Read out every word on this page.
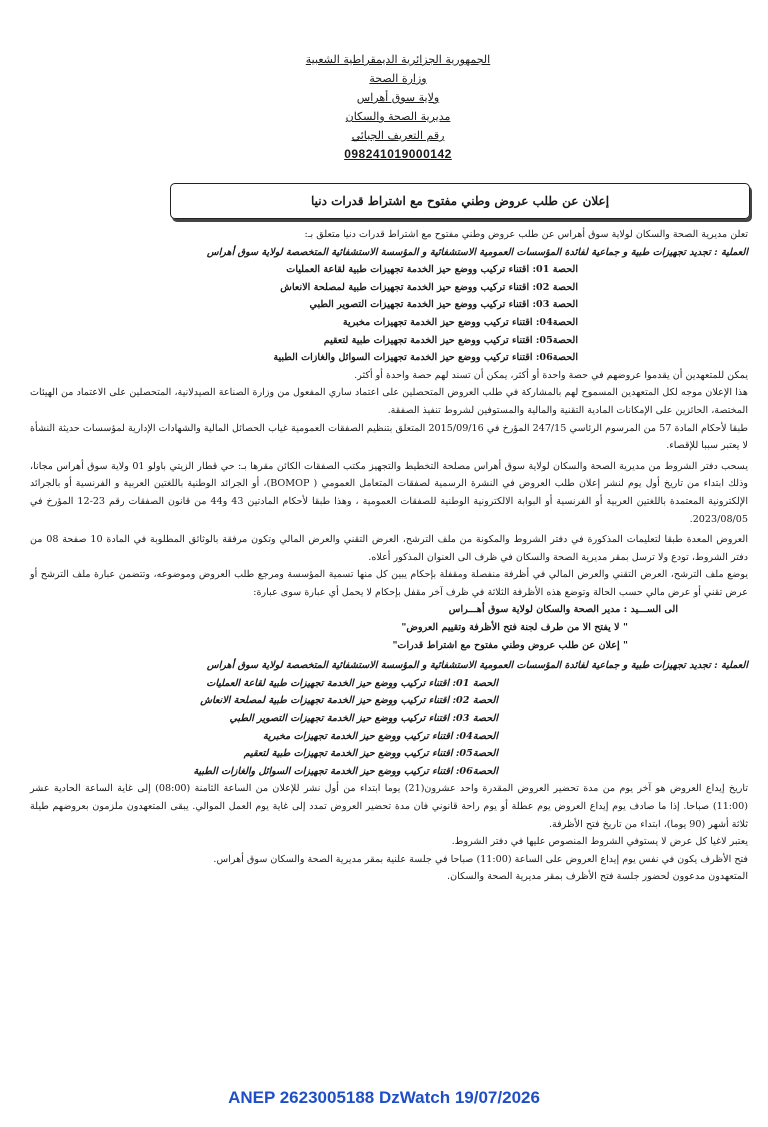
الجمهورية الجزائرية الديمقراطية الشعبية
وزارة الصحة
ولاية سوق أهراس
مديرية الصحة والسكان
رقم التعريف الجبائي
098241019000142
إعلان عن طلب عروض وطني مفتوح مع اشتراط قدرات دنيا

تعلن مديرية الصحة والسكان لولاية سوق أهراس عن طلب عروض وطني مفتوح مع اشتراط قدرات دنيا متعلق بـ:

العملية : تجديد تجهيزات طبية و جماعية لفائدة المؤسسات العمومية الاستشفائية و المؤسسة الاستشفائية المتخصصة لولاية سوق أهراس

الحصة 01: اقتناء تركيب ووضع حيز الخدمة تجهيزات طبية لقاعة العمليات

الحصة 02: اقتناء تركيب ووضع حيز الخدمة تجهيزات طبية لمصلحة الانعاش

الحصة 03: اقتناء تركيب ووضع حيز الخدمة تجهيزات التصوير الطبي

الحصة04: اقتناء تركيب ووضع حيز الخدمة تجهيزات مخبرية

الحصة05: اقتناء تركيب ووضع حيز الخدمة تجهيزات طبية لتعقيم

الحصة06: اقتناء تركيب ووضع حيز الخدمة تجهيزات السوائل والغازات الطبية

يمكن للمتعهدين أن يقدموا عروضهم في حصة واحدة أو أكثر، يمكن أن تسند لهم حصة واحدة أو أكثر.

هذا الإعلان موجه لكل المتعهدين المسموح لهم بالمشاركة في طلب العروض المتحصلين على اعتماد ساري المفعول من وزارة الصناعة الصيدلانية، المتحصلين على الاعتماد من الهيئات المختصة، الحائزين على الإمكانات المادية التقنية والمالية والمستوفين لشروط تنفيذ الصفقة.

طبقا لأحكام المادة 57 من المرسوم الرئاسي 247/15 المؤرخ في 2015/09/16 المتعلق بتنظيم الصفقات العمومية غياب الحصائل المالية والشهادات الإدارية لمؤسسات حديثة النشأة لا يعتبر سببا للإقصاء.

يسحب دفتر الشروط من مديرية الصحة والسكان لولاية سوق أهراس مصلحة التخطيط والتجهيز مكتب الصفقات الكائن مقرها بـ: حي قطار الزيتي باولو 01 ولاية سوق أهراس مجانا، وذلك ابتداء من تاريخ أول يوم لنشر إعلان طلب العروض في النشرة الرسمية لصفقات المتعامل العمومي ( BOMOP)، أو الجرائد الوطنية باللغتين العربية و الفرنسية أو بالجرائد الإلكترونية المعتمدة باللغتين العربية أو الفرنسية أو البوابة الالكترونية الوطنية للصفقات العمومية ، وهذا طبقا لأحكام المادتين 43 و44 من قانون الصفقات رقم 23-12 المؤرخ في 2023/08/05.

العروض المعدة طبقا لتعليمات المذكورة في دفتر الشروط والمكونة من ملف الترشح، العرض التقني والعرض المالي وتكون مرفقة بالوثائق المطلوبة في المادة 10 صفحة 08 من دفتر الشروط، تودع ولا ترسل بمقر مديرية الصحة والسكان في ظرف الى العنوان المذكور أعلاه.

يوضع ملف الترشح، العرض التقني والعرض المالي في أظرفة منفصلة ومقفلة بإحكام يبين كل منها تسمية المؤسسة ومرجع طلب العروض وموضوعه، وتتضمن عبارة ملف الترشح أو عرض تقني أو عرض مالي حسب الحالة وتوضع هذه الأظرفة الثلاثة في ظرف آخر مقفل بإحكام لا يحمل أي عبارة سوى عبارة:

الى الســـيد : مدير الصحة والسكان لولاية سوق أهـــراس

" لا يفتح الا من طرف لجنة فتح الأظرفة وتقييم العروض"

" إعلان عن طلب عروض وطني مفتوح مع اشتراط قدرات"

العملية : تجديد تجهيزات طبية و جماعية لفائدة المؤسسات العمومية الاستشفائية و المؤسسة الاستشفائية المتخصصة لولاية سوق أهراس

الحصة 01: اقتناء تركيب ووضع حيز الخدمة تجهيزات طبية لقاعة العمليات

الحصة 02: اقتناء تركيب ووضع حيز الخدمة تجهيزات طبية لمصلحة الانعاش

الحصة 03: اقتناء تركيب ووضع حيز الخدمة تجهيزات التصوير الطبي

الحصة04: اقتناء تركيب ووضع حيز الخدمة تجهيزات مخبرية

الحصة05: اقتناء تركيب ووضع حيز الخدمة تجهيزات طبية لتعقيم

الحصة06: اقتناء تركيب ووضع حيز الخدمة تجهيزات السوائل والغازات الطبية

تاريخ إيداع العروض هو آخر يوم من مدة تحضير العروض المقدرة واحد عشرون(21) يوما ابتداء من أول نشر للإعلان من الساعة الثامنة (08:00) إلى غاية الساعة الحادية عشر (11:00) صباحا. إذا ما صادف يوم إيداع العروض يوم عطلة أو يوم راحة قانوني فان مدة تحضير العروض تمدد إلى غاية يوم العمل الموالي. يبقى المتعهدون ملزمون بعروضهم طيلة ثلاثة أشهر (90 يوما)، ابتداء من تاريخ فتح الأظرفة.

يعتبر لاغيا كل عرض لا يستوفي الشروط المنصوص عليها في دفتر الشروط.

فتح الأظرف يكون في نفس يوم إيداع العروض على الساعة (11:00) صباحا في جلسة علنية بمقر مديرية الصحة والسكان سوق أهراس.

المتعهدون مدعوون لحضور جلسة فتح الأظرف بمقر مديرية الصحة والسكان.

ANEP 2623005188 DzWatch 19/07/2026
